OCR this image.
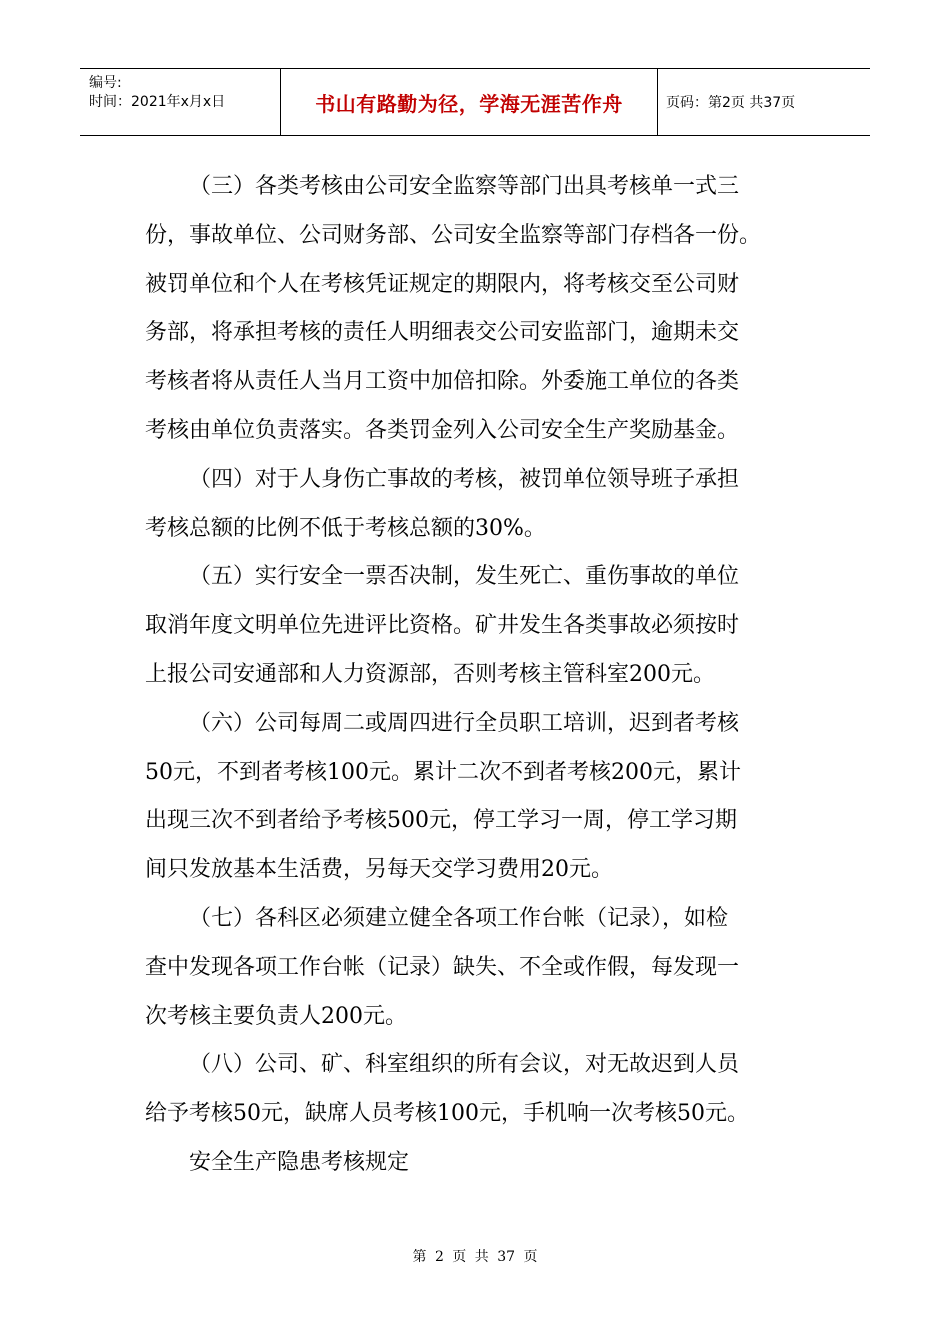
编号:
时间：2021年x月x日	书山有路勤为径，学海无涯苦作舟	页码：第2页 共37页

（三）各类考核由公司安全监察等部门出具考核单一式三
份，事故单位、公司财务部、公司安全监察等部门存档各一份。
被罚单位和个人在考核凭证规定的期限内，将考核交至公司财
务部，将承担考核的责任人明细表交公司安监部门，逾期未交
考核者将从责任人当月工资中加倍扣除。外委施工单位的各类
考核由单位负责落实。各类罚金列入公司安全生产奖励基金。

（四）对于人身伤亡事故的考核，被罚单位领导班子承担
考核总额的比例不低于考核总额的30%。

（五）实行安全一票否决制，发生死亡、重伤事故的单位
取消年度文明单位先进评比资格。矿井发生各类事故必须按时
上报公司安通部和人力资源部，否则考核主管科室200元。

（六）公司每周二或周四进行全员职工培训，迟到者考核
50元，不到者考核100元。累计二次不到者考核200元，累计
出现三次不到者给予考核500元，停工学习一周，停工学习期
间只发放基本生活费，另每天交学习费用20元。

（七）各科区必须建立健全各项工作台帐（记录），如检
查中发现各项工作台帐（记录）缺失、不全或作假，每发现一
次考核主要负责人200元。

（八）公司、矿、科室组织的所有会议，对无故迟到人员
给予考核50元，缺席人员考核100元，手机响一次考核50元。

安全生产隐患考核规定

第 2 页 共 37 页
